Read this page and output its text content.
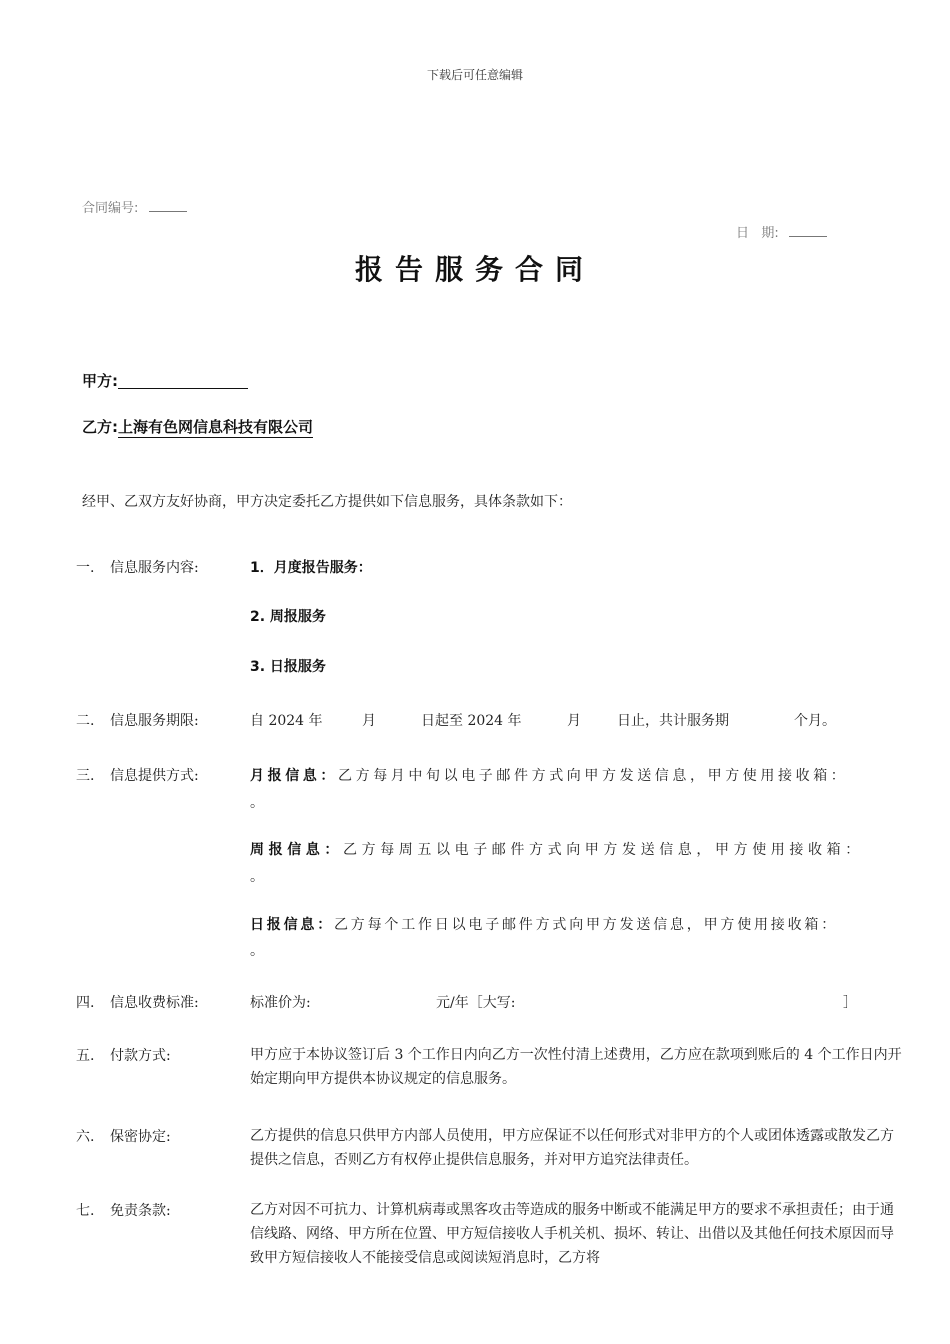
下载后可任意编辑
合同编号:
日   期:
报告服务合同
甲方:
乙方:上海有色网信息科技有限公司
经甲、乙双方友好协商，甲方决定委托乙方提供如下信息服务，具体条款如下：
一. 信息服务内容:	1．月度报告服务：
2. 周报服务
3. 日报服务
二. 信息服务期限:	自 2024 年	月	日起至 2024 年	月	日止，共计服务期	个月。
三. 信息提供方式:	月报信息：乙方每月中旬以电子邮件方式向甲方发送信息，甲方使用接收箱：
。
周报信息：乙方每周五以电子邮件方式向甲方发送信息，甲方使用接收箱：
。
日报信息：乙方每个工作日以电子邮件方式向甲方发送信息，甲方使用接收箱：
。
四. 信息收费标准:	标准价为:	元/年［大写:	］
五. 付款方式:	甲方应于本协议签订后 3 个工作日内向乙方一次性付清上述费用，乙方应在款项到账后的 4 个工作日内开始定期向甲方提供本协议规定的信息服务。
六. 保密协定:	乙方提供的信息只供甲方内部人员使用，甲方应保证不以任何形式对非甲方的个人或团体透露或散发乙方提供之信息，否则乙方有权停止提供信息服务，并对甲方追究法律责任。
七. 免责条款:	乙方对因不可抗力、计算机病毒或黑客攻击等造成的服务中断或不能满足甲方的要求不承担责任；由于通信线路、网络、甲方所在位置、甲方短信接收人手机关机、损坏、转让、出借以及其他任何技术原因而导致甲方短信接收人不能接受信息或阅读短消息时，乙方将
